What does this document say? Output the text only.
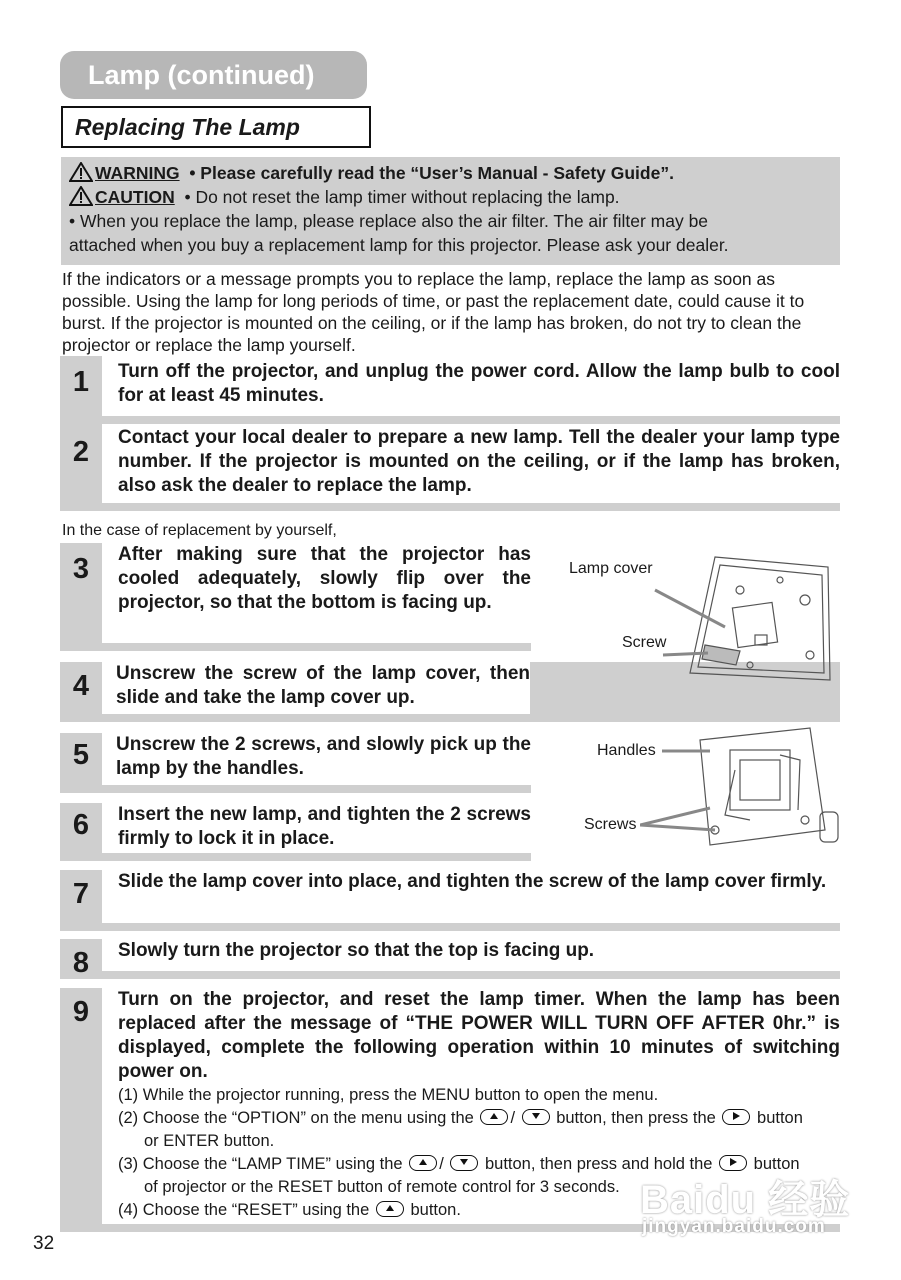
Lamp (continued)
Replacing The Lamp
WARNING • Please carefully read the “User’s Manual - Safety Guide”.
CAUTION • Do not reset the lamp timer without replacing the lamp.
• When you replace the lamp, please replace also the air filter. The air filter may be
attached when you buy a replacement lamp for this projector. Please ask your dealer.
If the indicators or a message prompts you to replace the lamp, replace the lamp as soon as possible. Using the lamp for long periods of time, or past the replacement date, could cause it to burst. If the projector is mounted on the ceiling, or if the lamp has broken, do not try to clean the projector or replace the lamp yourself.
1	Turn off the projector, and unplug the power cord. Allow the lamp bulb to cool for at least 45 minutes.
2	Contact your local dealer to prepare a new lamp. Tell the dealer your lamp type number. If the projector is mounted on the ceiling, or if the lamp has broken, also ask the dealer to replace the lamp.
In the case of replacement by yourself,
3	After making sure that the projector has cooled adequately, slowly flip over the projector, so that the bottom is facing up.
4	Unscrew the screw of the lamp cover, then slide and take the lamp cover up.
5	Unscrew the 2 screws, and slowly pick up the lamp by the handles.
6	Insert the new lamp, and tighten the 2 screws firmly to lock it in place.
7	Slide the lamp cover into place, and tighten the screw of the lamp cover firmly.
8	Slowly turn the projector so that the top is facing up.
9	Turn on the projector, and reset the lamp timer. When the lamp has been replaced after the message of “THE POWER WILL TURN OFF AFTER 0hr.” is displayed, complete the following operation within 10 minutes of switching power on.
(1) While the projector running, press the MENU button to open the menu.
(2) Choose the “OPTION” on the menu using the /  button, then press the button
or ENTER button.
(3) Choose the “LAMP TIME” using the /  button, then press and hold the button
of projector or the RESET button of remote control for 3 seconds.
(4) Choose the “RESET” using the button.
Lamp cover
Screw
Handles
Screws
32
Baidu 经验
jingyan.baidu.com
